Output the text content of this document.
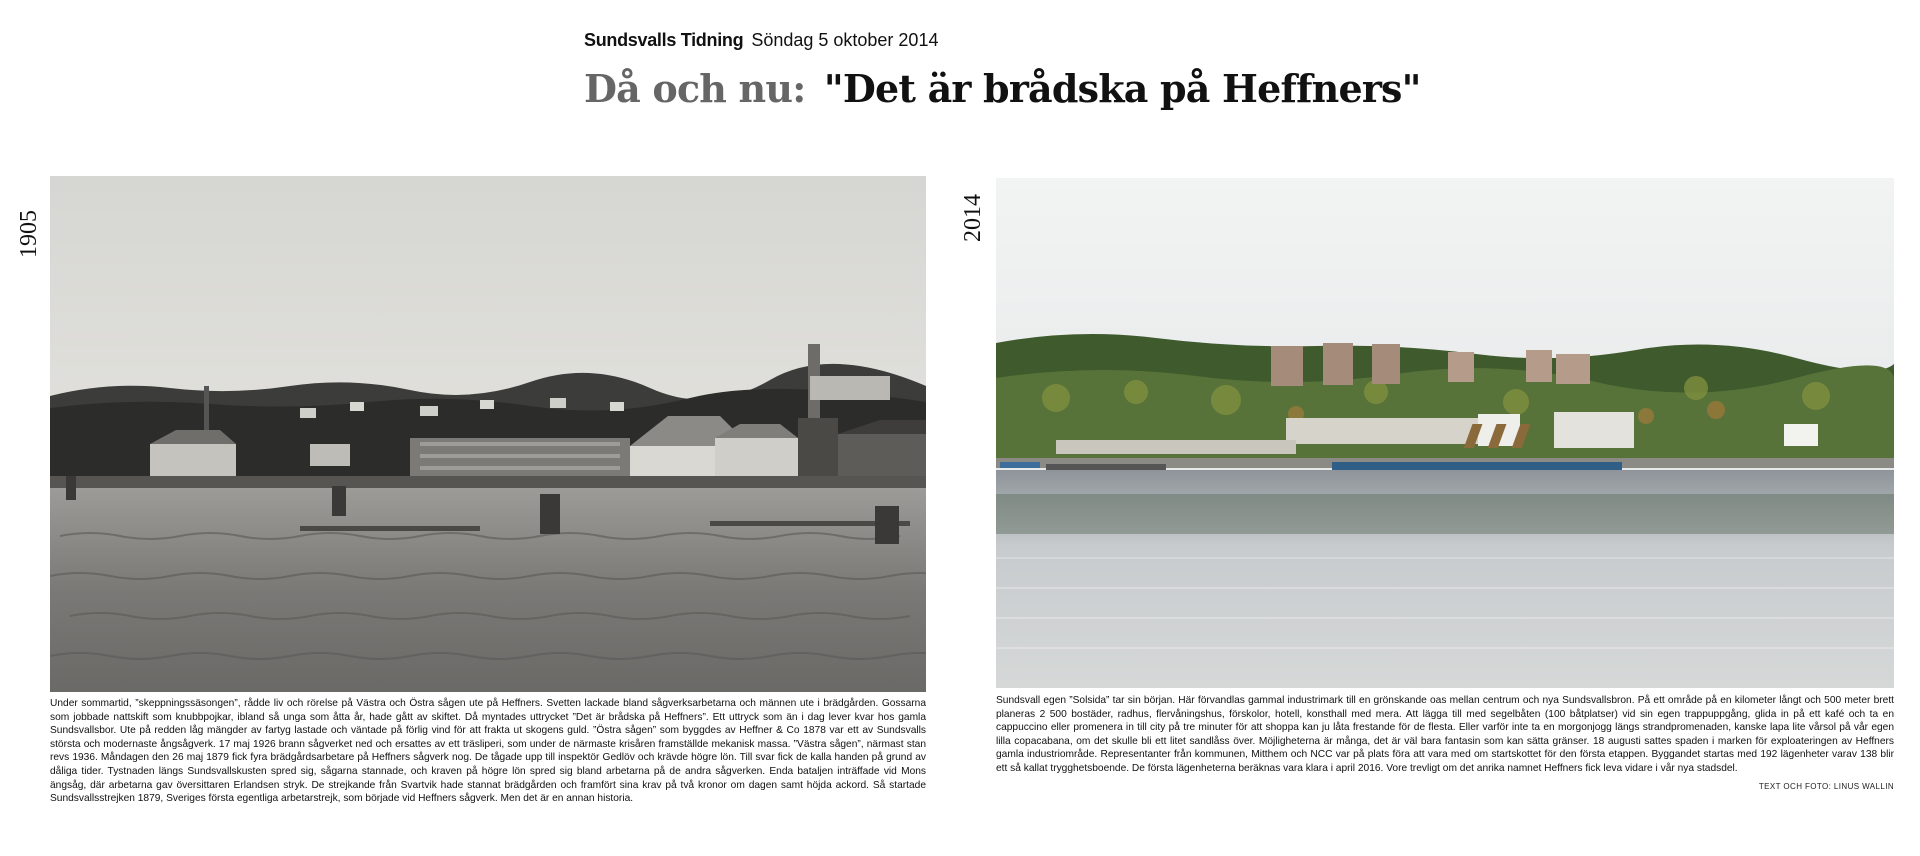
Sundsvalls Tidning Söndag 5 oktober 2014
Då och nu: "Det är brådska på Heffners"
1905	2014
Under sommartid, ”skeppningssäsongen”, rådde liv och rörelse på Västra och Östra sågen ute på Heffners. Svetten lackade bland sågverksarbetarna och männen ute i brädgården. Gossarna som jobbade nattskift som knubbpojkar, ibland så unga som åtta år, hade gått av skiftet. Då myntades uttrycket ”Det är brådska på Heffners”. Ett uttryck som än i dag lever kvar hos gamla Sundsvallsbor. Ute på redden låg mängder av fartyg lastade och väntade på förlig vind för att frakta ut skogens guld. ”Östra sågen” som byggdes av Heffner & Co 1878 var ett av Sundsvalls största och modernaste ångsågverk. 17 maj 1926 brann sågverket ned och ersattes av ett träsliperi, som under de närmaste krisåren framställde mekanisk massa. ”Västra sågen”, närmast stan revs 1936. Måndagen den 26 maj 1879 fick fyra brädgårdsarbetare på Heffners sågverk nog. De tågade upp till inspektör Gedlöv och krävde högre lön. Till svar fick de kalla handen på grund av dåliga tider. Tystnaden längs Sundsvallskusten spred sig, sågarna stannade, och kraven på högre lön spred sig bland arbetarna på de andra sågverken. Enda bataljen inträffade vid Mons ängsåg, där arbetarna gav översittaren Erlandsen stryk. De strejkande från Svartvik hade stannat brädgården och framfört sina krav på två kronor om dagen samt höjda ackord. Så startade Sundsvallsstrejken 1879, Sveriges första egentliga arbetarstrejk, som började vid Heffners sågverk. Men det är en annan historia.
Sundsvall egen ”Solsida” tar sin början. Här förvandlas gammal industrimark till en grönskande oas mellan centrum och nya Sundsvallsbron. På ett område på en kilometer långt och 500 meter brett planeras 2 500 bostäder, radhus, flervåningshus, förskolor, hotell, konsthall med mera. Att lägga till med segelbåten (100 båtplatser) vid sin egen trappuppgång, glida in på ett kafé och ta en cappuccino eller promenera in till city på tre minuter för att shoppa kan ju låta frestande för de flesta. Eller varför inte ta en morgonjogg längs strandpromenaden, kanske lapa lite vårsol på vår egen lilla copacabana, om det skulle bli ett litet sandlåss över. Möjligheterna är många, det är väl bara fantasin som kan sätta gränser. 18 augusti sattes spaden i marken för exploateringen av Heffners gamla industriområde. Representanter från kommunen, Mitthem och NCC var på plats föra att vara med om startskottet för den första etappen. Byggandet startas med 192 lägenheter varav 138 blir ett så kallat trygghetsboende. De första lägenheterna beräknas vara klara i april 2016. Vore trevligt om det anrika namnet Heffners fick leva vidare i vår nya stadsdel.
TEXT OCH FOTO: LINUS WALLIN
